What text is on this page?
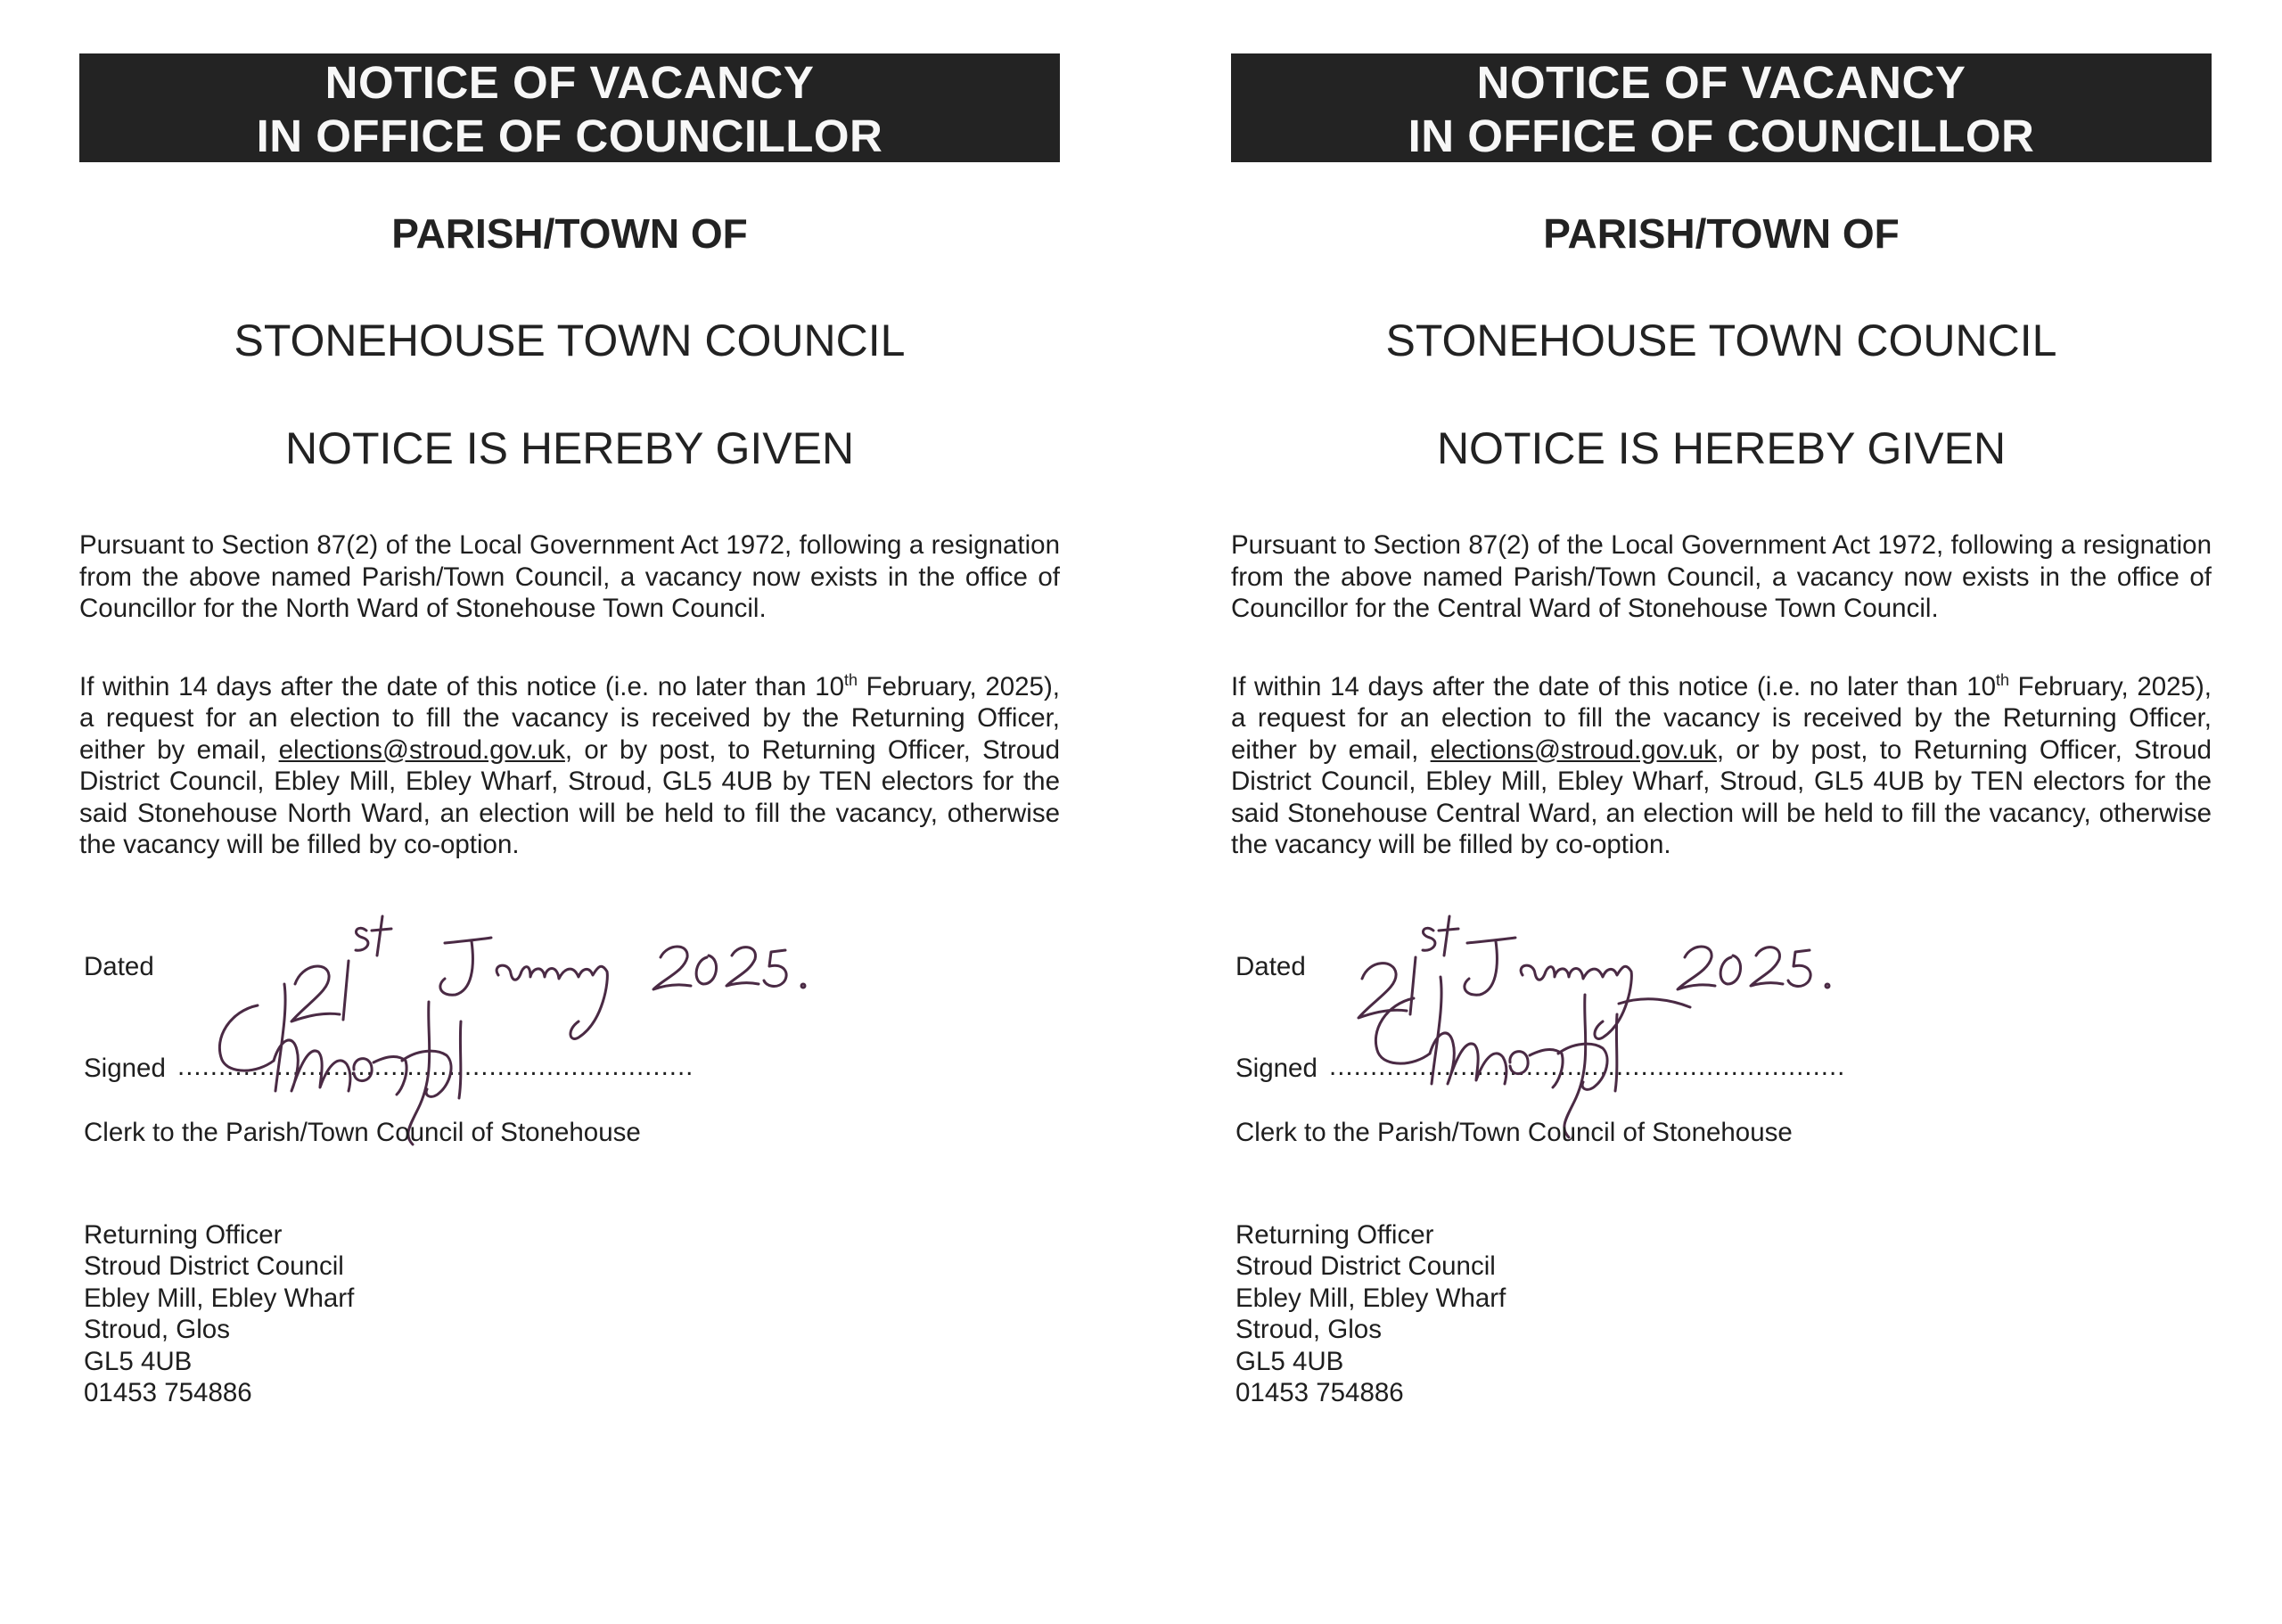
NOTICE OF VACANCY
IN OFFICE OF COUNCILLOR
PARISH/TOWN OF
STONEHOUSE TOWN COUNCIL
NOTICE IS HEREBY GIVEN

Pursuant to Section 87(2) of the Local Government Act 1972, following a resignation from the above named Parish/Town Council, a vacancy now exists in the office of Councillor for the North Ward of Stonehouse Town Council.

If within 14 days after the date of this notice (i.e. no later than 10th February, 2025), a request for an election to fill the vacancy is received by the Returning Officer, either by email, elections@stroud.gov.uk, or by post, to Returning Officer, Stroud District Council, Ebley Mill, Ebley Wharf, Stroud, GL5 4UB by TEN electors for the said Stonehouse North Ward, an election will be held to fill the vacancy, otherwise the vacancy will be filled by co-option.

Dated
Signed ...............................................................
Clerk to the Parish/Town Council of Stonehouse
Returning Officer
Stroud District Council
Ebley Mill, Ebley Wharf
Stroud, Glos
GL5 4UB
01453 754886
NOTICE OF VACANCY
IN OFFICE OF COUNCILLOR
PARISH/TOWN OF
STONEHOUSE TOWN COUNCIL
NOTICE IS HEREBY GIVEN

Pursuant to Section 87(2) of the Local Government Act 1972, following a resignation from the above named Parish/Town Council, a vacancy now exists in the office of Councillor for the Central Ward of Stonehouse Town Council.

If within 14 days after the date of this notice (i.e. no later than 10th February, 2025), a request for an election to fill the vacancy is received by the Returning Officer, either by email, elections@stroud.gov.uk, or by post, to Returning Officer, Stroud District Council, Ebley Mill, Ebley Wharf, Stroud, GL5 4UB by TEN electors for the said Stonehouse Central Ward, an election will be held to fill the vacancy, otherwise the vacancy will be filled by co-option.

Dated
Signed ...............................................................
Clerk to the Parish/Town Council of Stonehouse
Returning Officer
Stroud District Council
Ebley Mill, Ebley Wharf
Stroud, Glos
GL5 4UB
01453 754886
